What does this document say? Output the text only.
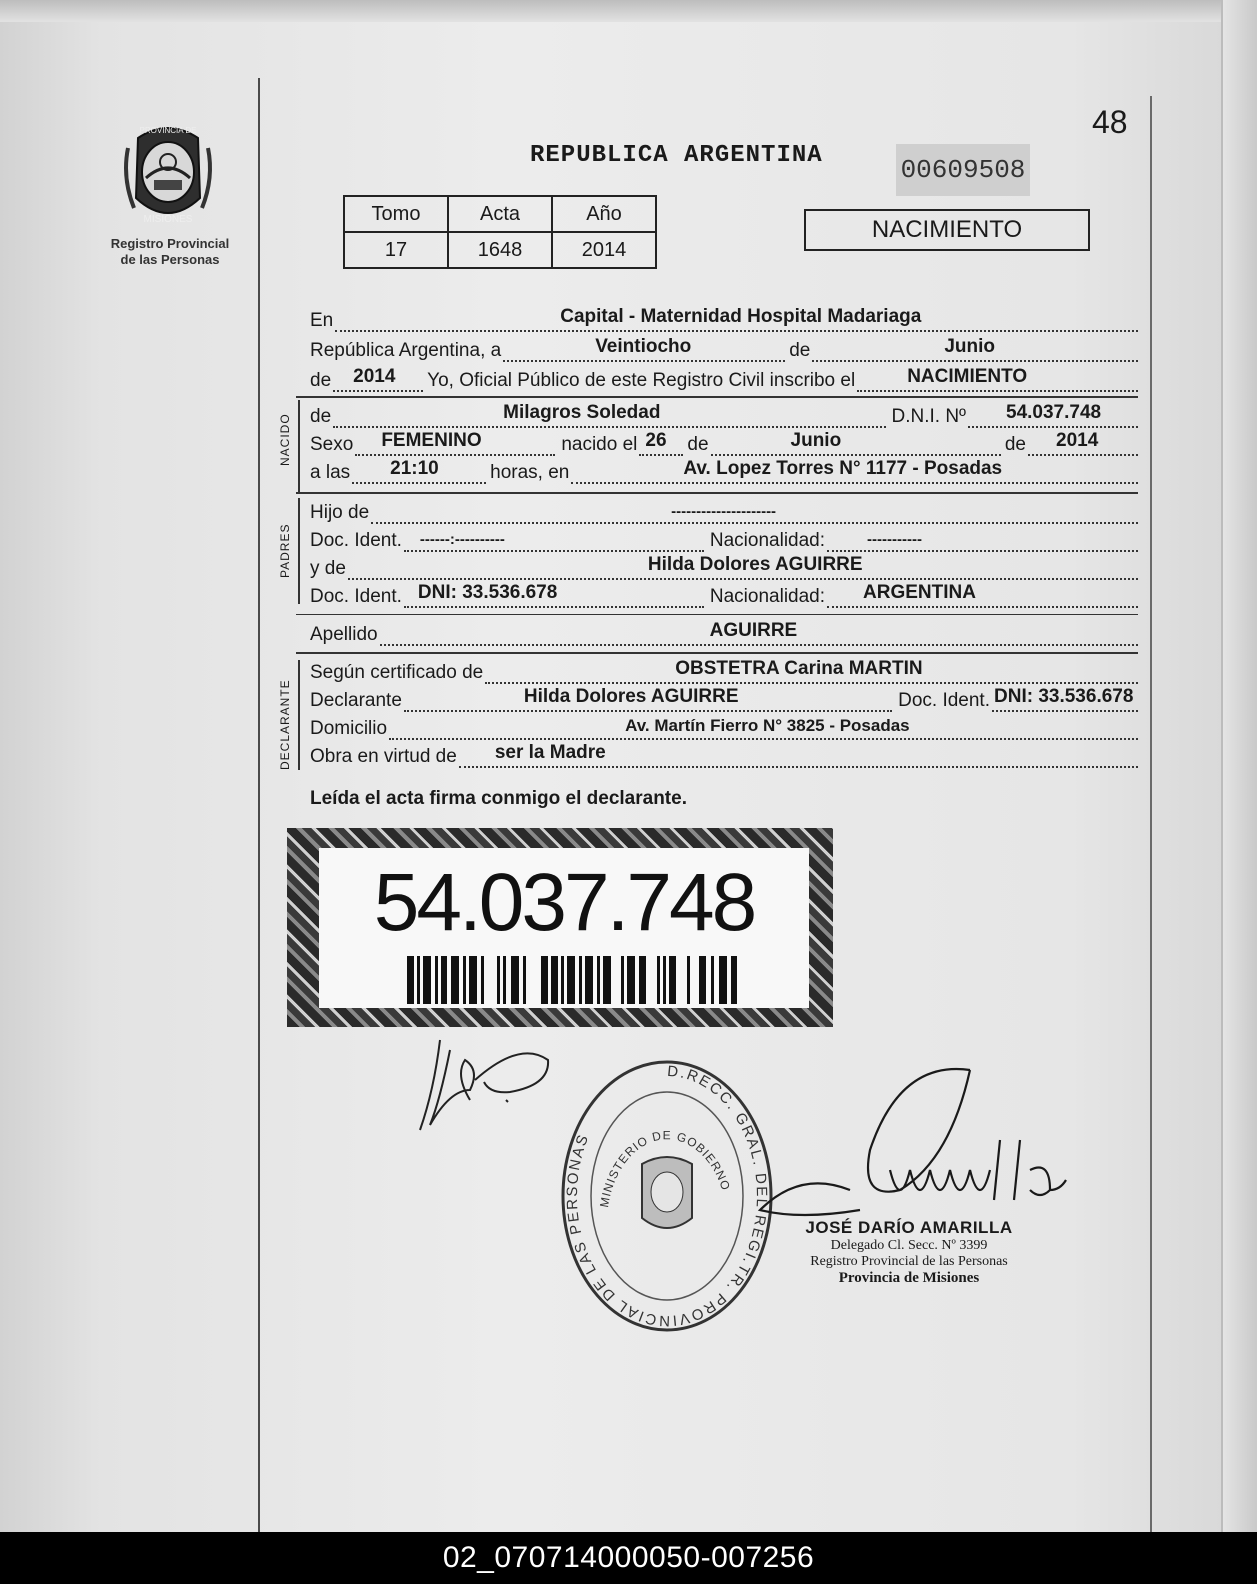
PROVINCIA DE
MISIONES
Registro Provincial
de las Personas
48
REPUBLICA ARGENTINA	00609508
Tomo	Acta	Año
17	1648	2014
NACIMIENTO
En	Capital - Maternidad Hospital Madariaga
República Argentina, a	Veintiocho	de	Junio
de 2014 Yo, Oficial Público de este Registro Civil inscribo el	NACIMIENTO
NACIDO de	Milagros Soledad	D.N.I. Nº 54.037.748
Sexo FEMENINO	nacido el 26 de	Junio	de 2014
a las 21:10	horas, en	Av. Lopez Torres N° 1177 - Posadas
PADRES
Hijo de	---------------------
Doc. Ident. ------:----------	Nacionalidad:	-----------
y de	Hilda Dolores AGUIRRE
Doc. Ident. DNI: 33.536.678	Nacionalidad: ARGENTINA
Apellido	AGUIRRE
DECLARANTE
Según certificado de	OBSTETRA Carina MARTIN
Declarante	Hilda Dolores AGUIRRE	Doc. Ident. DNI: 33.536.678
Domicilio	Av. Martín Fierro N° 3825 - Posadas
Obra en virtud de ser la Madre
Leída el acta firma conmigo el declarante.
54.037.748
D.RECC. GRAL. DEL REGI.TR. PROVINCIAL DE LAS PERSONAS
MINISTERIO DE GOBIERNO
JOSÉ DARÍO AMARILLA
Delegado Cl. Secc. Nº 3399
Registro Provincial de las Personas
Provincia de Misiones
02_070714000050-007256
